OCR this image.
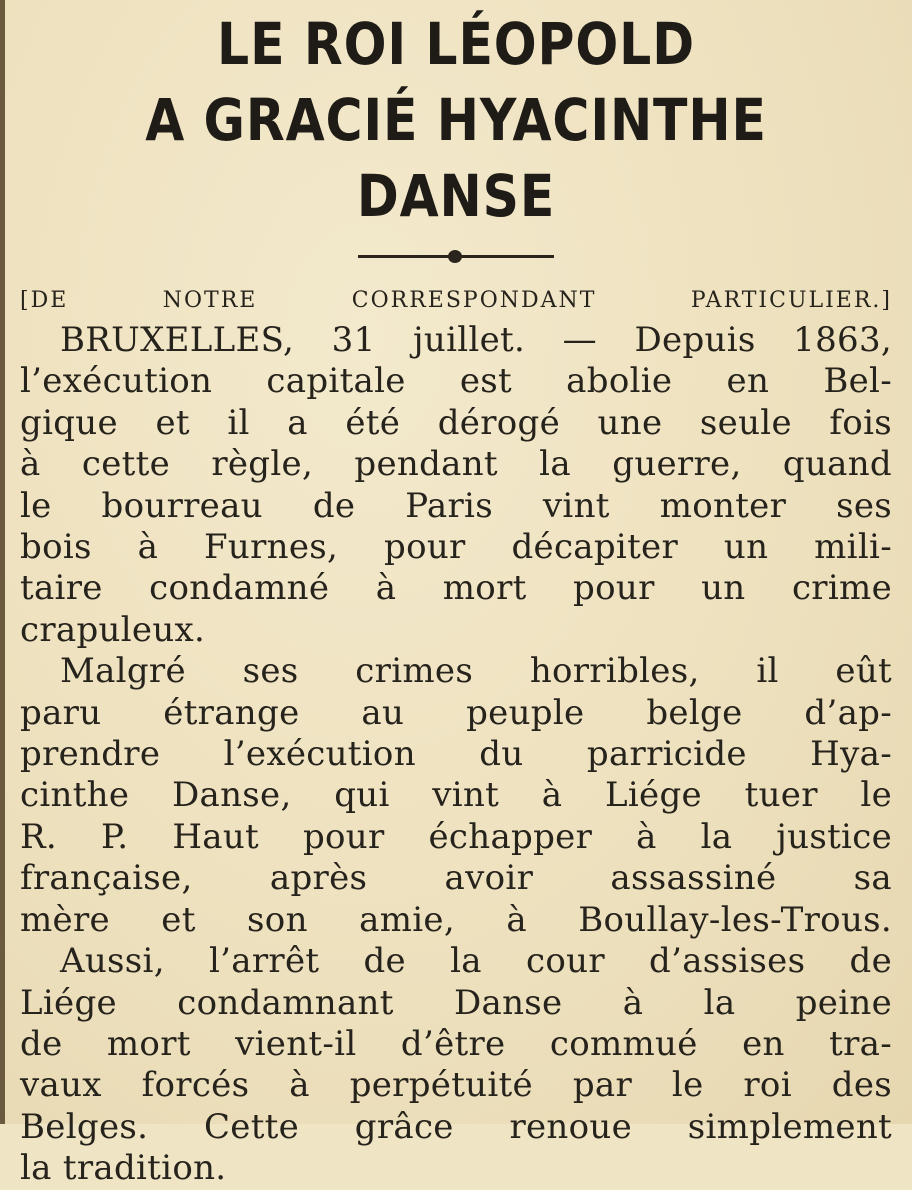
LE ROI LÉOPOLD
A GRACIÉ HYACINTHE DANSE

[DE NOTRE CORRESPONDANT PARTICULIER.]

BRUXELLES, 31 juillet. — Depuis 1863,

l’exécution capitale est abolie en Bel-

gique et il a été dérogé une seule fois

à cette règle, pendant la guerre, quand

le bourreau de Paris vint monter ses

bois à Furnes, pour décapiter un mili-

taire condamné à mort pour un crime

crapuleux.

Malgré ses crimes horribles, il eût

paru étrange au peuple belge d’ap-

prendre l’exécution du parricide Hya-

cinthe Danse, qui vint à Liége tuer le

R. P. Haut pour échapper à la justice

française, après avoir assassiné sa

mère et son amie, à Boullay-les-Trous.

Aussi, l’arrêt de la cour d’assises de

Liége condamnant Danse à la peine

de mort vient-il d’être commué en tra-

vaux forcés à perpétuité par le roi des

Belges. Cette grâce renoue simplement

la tradition.
